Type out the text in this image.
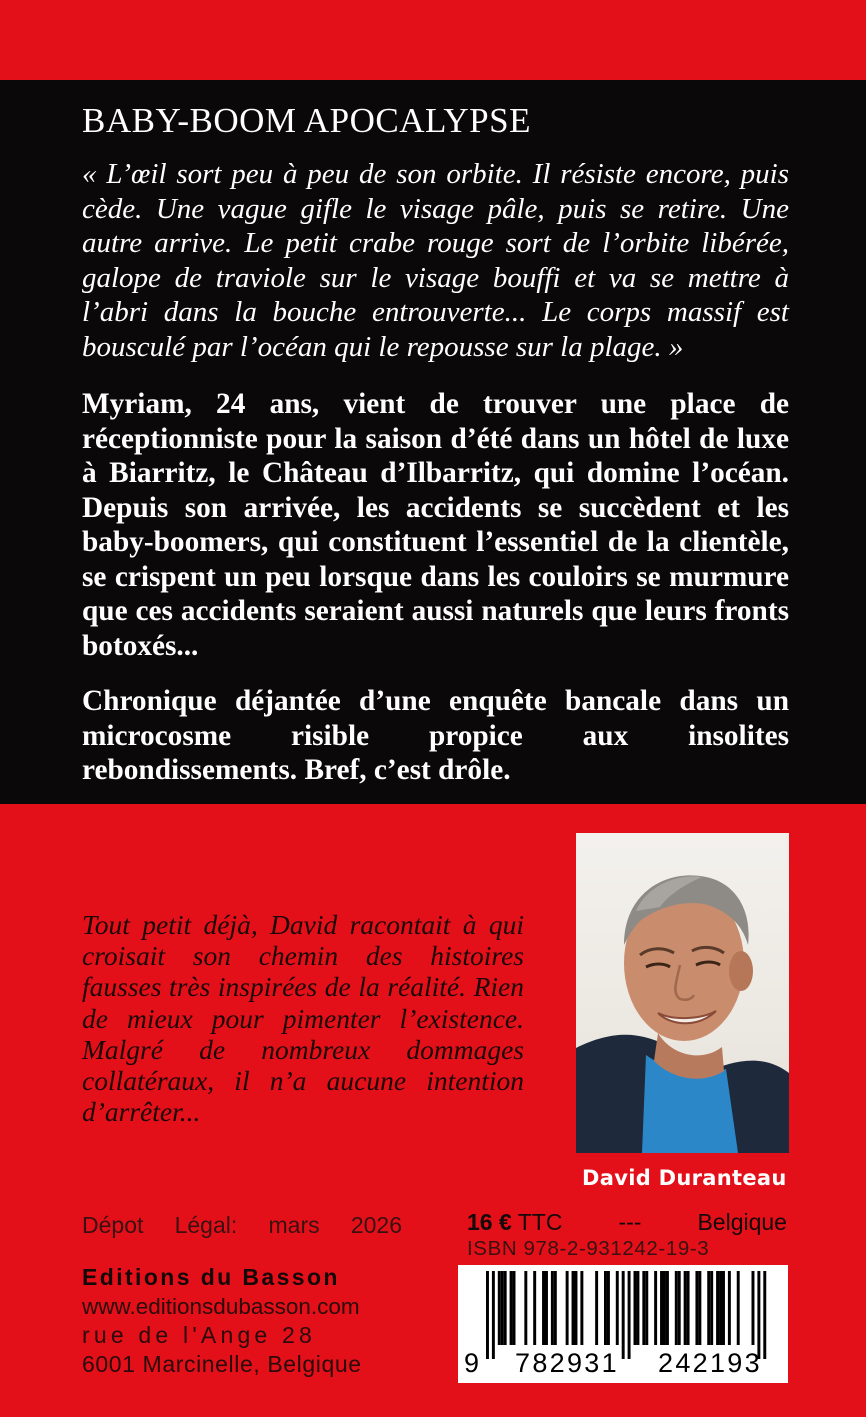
BABY-BOOM APOCALYPSE

« L’œil sort peu à peu de son orbite. Il résiste encore, puis cède. Une vague gifle le visage pâle, puis se retire. Une autre arrive. Le petit crabe rouge sort de l’orbite libérée, galope de traviole sur le visage bouffi et va se mettre à l’abri dans la bouche entrouverte... Le corps massif est bousculé par l’océan qui le repousse sur la plage. »

Myriam, 24 ans, vient de trouver une place de réceptionniste pour la saison d’été dans un hôtel de luxe à Biarritz, le Château d’Ilbarritz, qui domine l’océan. Depuis son arrivée, les accidents se succèdent et les baby-boomers, qui constituent l’essentiel de la clientèle, se crispent un peu lorsque dans les couloirs se murmure que ces accidents seraient aussi naturels que leurs fronts botoxés...

Chronique déjantée d’une enquête bancale dans un microcosme risible propice aux insolites rebondissements. Bref, c’est drôle.

Tout petit déjà, David racontait à qui croisait son chemin des histoires fausses très inspirées de la réalité. Rien de mieux pour pimenter l’existence. Malgré de nombreux dommages collatéraux, il n’a aucune intention d’arrêter...

David Duranteau
Dépot Légal: mars 2026
Editions du Basson
www.editionsdubasson.com
rue de l'Ange 28
6001 Marcinelle, Belgique
16 € TTC --- Belgique
ISBN 978-2-931242-19-3
9 782931 242193
